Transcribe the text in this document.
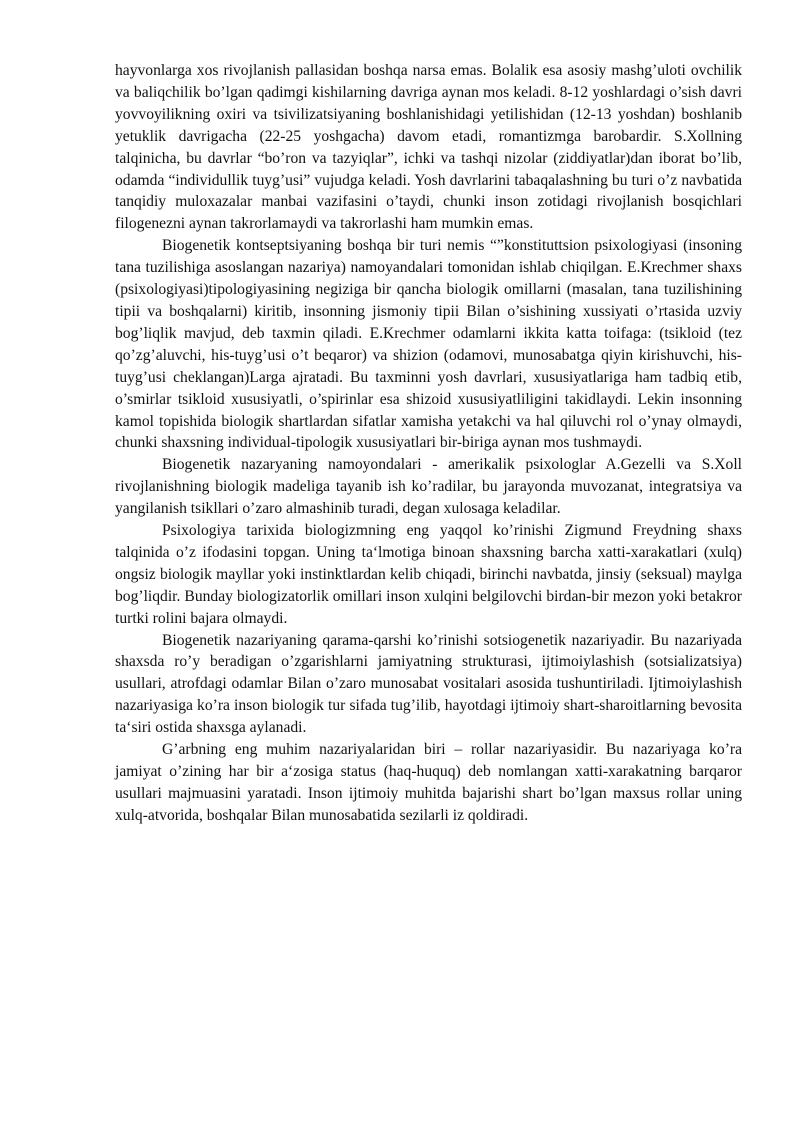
hayvonlarga xos rivojlanish pallasidan boshqa narsa emas. Bolalik esa asosiy mashg’uloti ovchilik va baliqchilik bo’lgan qadimgi kishilarning davriga aynan mos keladi. 8-12 yoshlardagi o’sish davri yovvoyilikning oxiri va tsivilizatsiyaning boshlanishidagi yetilishidan (12-13 yoshdan) boshlanib yetuklik davrigacha (22-25 yoshgacha) davom etadi, romantizmga barobardir. S.Xollning talqinicha, bu davrlar “bo’ron va tazyiqlar”, ichki va tashqi nizolar (ziddiyatlar)dan iborat bo’lib, odamda “individullik tuyg’usi” vujudga keladi. Yosh davrlarini tabaqalashning bu turi o’z navbatida tanqidiy muloxazalar manbai vazifasini o’taydi, chunki inson zotidagi rivojlanish bosqichlari filogenezni aynan takrorlamaydi va takrorlashi ham mumkin emas.

Biogenetik kontseptsiyaning boshqa bir turi nemis “”konstituttsion psixologiyasi (insoning tana tuzilishiga asoslangan nazariya) namoyandalari tomonidan ishlab chiqilgan. E.Krechmer shaxs (psixologiyasi)tipologiyasining negiziga bir qancha biologik omillarni (masalan, tana tuzilishining tipii va boshqalarni) kiritib, insonning jismoniy tipii Bilan o’sishining xussiyati o’rtasida uzviy bog’liqlik mavjud, deb taxmin qiladi. E.Krechmer odamlarni ikkita katta toifaga: (tsikloid (tez qo’zg’aluvchi, his-tuyg’usi o’t beqaror) va shizion (odamovi, munosabatga qiyin kirishuvchi, his-tuyg’usi cheklangan)Larga ajratadi. Bu taxminni yosh davrlari, xususiyatlariga ham tadbiq etib, o’smirlar tsikloid xususiyatli, o’spirinlar esa shizoid xususiyatliligini takidlaydi. Lekin insonning kamol topishida biologik shartlardan sifatlar xamisha yetakchi va hal qiluvchi rol o’ynay olmaydi, chunki shaxsning individual-tipologik xususiyatlari bir-biriga aynan mos tushmaydi.

Biogenetik nazaryaning namoyondalari - amerikalik psixologlar A.Gezelli va S.Xoll rivojlanishning biologik madeliga tayanib ish ko’radilar, bu jarayonda muvozanat, integratsiya va yangilanish tsikllari o’zaro almashinib turadi, degan xulosaga keladilar.

Psixologiya tarixida biologizmning eng yaqqol ko’rinishi Zigmund Freydning shaxs talqinida o’z ifodasini topgan. Uning ta‘lmotiga binoan shaxsning barcha xatti-xarakatlari (xulq) ongsiz biologik mayllar yoki instinktlardan kelib chiqadi, birinchi navbatda, jinsiy (seksual) maylga bog’liqdir. Bunday biologizatorlik omillari inson xulqini belgilovchi birdan-bir mezon yoki betakror turtki rolini bajara olmaydi.

Biogenetik nazariyaning qarama-qarshi ko’rinishi sotsiogenetik nazariyadir. Bu nazariyada shaxsda ro’y beradigan o’zgarishlarni jamiyatning strukturasi, ijtimoiylashish (sotsializatsiya) usullari, atrofdagi odamlar Bilan o’zaro munosabat vositalari asosida tushuntiriladi. Ijtimoiylashish nazariyasiga ko’ra inson biologik tur sifada tug’ilib, hayotdagi ijtimoiy shart-sharoitlarning bevosita ta‘siri ostida shaxsga aylanadi.

G’arbning eng muhim nazariyalaridan biri – rollar nazariyasidir. Bu nazariyaga ko’ra jamiyat o’zining har bir a‘zosiga status (haq-huquq) deb nomlangan xatti-xarakatning barqaror usullari majmuasini yaratadi. Inson ijtimoiy muhitda bajarishi shart bo’lgan maxsus rollar uning xulq-atvorida, boshqalar Bilan munosabatida sezilarli iz qoldiradi.
